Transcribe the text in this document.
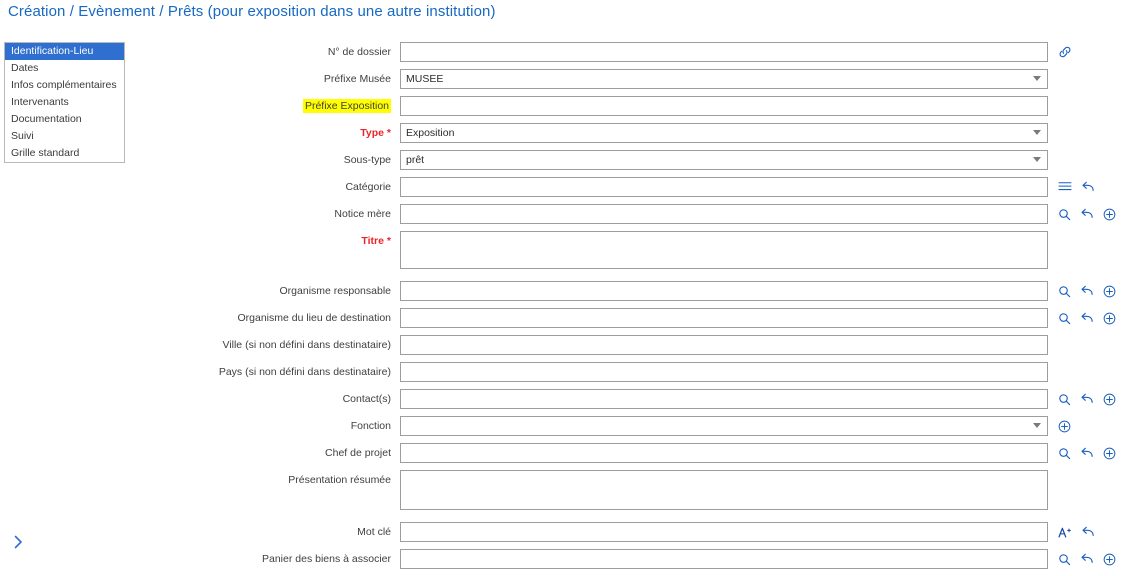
Création / Evènement / Prêts (pour exposition dans une autre institution)
Identification-Lieu
Dates
Infos complémentaires
Intervenants
Documentation
Suivi
Grille standard
N° de dossier
Préfixe Musée
MUSEE
Préfixe Exposition
Type *
Exposition
Sous-type
prêt
Catégorie
Notice mère
Titre *
Organisme responsable
Organisme du lieu de destination
Ville (si non défini dans destinataire)
Pays (si non défini dans destinataire)
Contact(s)
Fonction
Chef de projet
Présentation résumée
Mot clé
Panier des biens à associer
